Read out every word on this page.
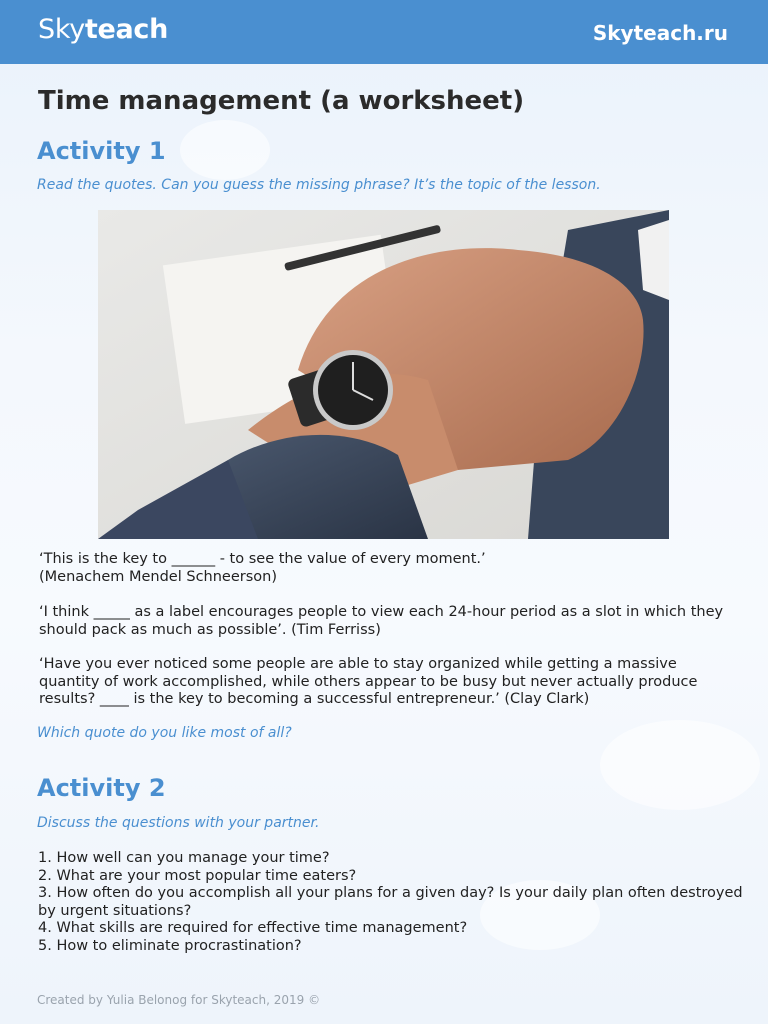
Skyteach	Skyteach.ru
Time management (a worksheet)
Activity 1
Read the quotes. Can you guess the missing phrase? It’s the topic of the lesson.
‘This is the key to ______ - to see the value of every moment.’
(Menachem Mendel Schneerson)
‘I think _____ as a label encourages people to view each 24-hour period as a slot in which they should pack as much as possible’. (Tim Ferriss)
‘Have you ever noticed some people are able to stay organized while getting a massive quantity of work accomplished, while others appear to be busy but never actually produce results? ____ is the key to becoming a successful entrepreneur.’ (Clay Clark)
Which quote do you like most of all?
Activity 2
Discuss the questions with your partner.
1. How well can you manage your time?
2. What are your most popular time eaters?
3. How often do you accomplish all your plans for a given day? Is your daily plan often destroyed by urgent situations?
4. What skills are required for effective time management?
5. How to eliminate procrastination?
Created by Yulia Belonog for Skyteach, 2019 ©
